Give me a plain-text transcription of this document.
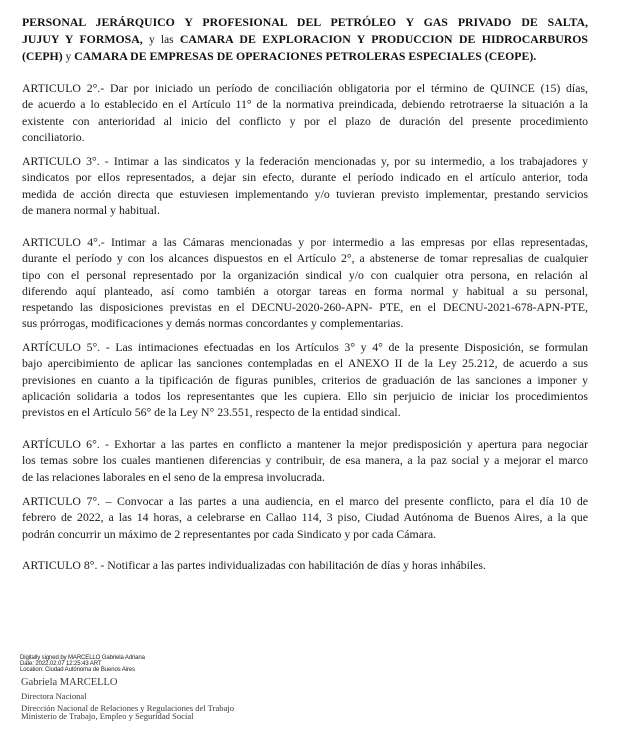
PERSONAL JERÁRQUICO Y PROFESIONAL DEL PETRÓLEO Y GAS PRIVADO DE SALTA,
JUJUY Y FORMOSA, y las CAMARA DE EXPLORACION Y PRODUCCION DE HIDROCARBUROS
(CEPH) y CAMARA DE EMPRESAS DE OPERACIONES PETROLERAS ESPECIALES (CEOPE).
ARTICULO 2°.- Dar por iniciado un período de conciliación obligatoria por el término de QUINCE (15) días,
de acuerdo a lo establecido en el Artículo 11° de la normativa preindicada, debiendo retrotraerse la situación a la
existente con anterioridad al inicio del conflicto y por el plazo de duración del presente procedimiento
conciliatorio.
ARTICULO 3°. - Intimar a las sindicatos y la federación mencionadas y, por su intermedio, a los trabajadores y
sindicatos por ellos representados, a dejar sin efecto, durante el período indicado en el artículo anterior, toda
medida de acción directa que estuviesen implementando y/o tuvieran previsto implementar, prestando servicios
de manera normal y habitual.
ARTICULO 4°.- Intimar a las Cámaras mencionadas y por intermedio a las empresas por ellas representadas,
durante el período y con los alcances dispuestos en el Artículo 2°, a abstenerse de tomar represalias de cualquier
tipo con el personal representado por la organización sindical y/o con cualquier otra persona, en relación al
diferendo aquí planteado, así como también a otorgar tareas en forma normal y habitual a su personal,
respetando las disposiciones previstas en el DECNU-2020-260-APN- PTE, en el DECNU-2021-678-APN-PTE,
sus prórrogas, modificaciones y demás normas concordantes y complementarias.
ARTÍCULO 5°. - Las intimaciones efectuadas en los Artículos 3° y 4° de la presente Disposición, se formulan
bajo apercibimiento de aplicar las sanciones contempladas en el ANEXO II de la Ley 25.212, de acuerdo a sus
previsiones en cuanto a la tipificación de figuras punibles, criterios de graduación de las sanciones a imponer y
aplicación solidaria a todos los representantes que les cupiera. Ello sin perjuicio de iniciar los procedimientos
previstos en el Artículo 56° de la Ley N° 23.551, respecto de la entidad sindical.
ARTÍCULO 6°. - Exhortar a las partes en conflicto a mantener la mejor predisposición y apertura para negociar
los temas sobre los cuales mantienen diferencias y contribuir, de esa manera, a la paz social y a mejorar el marco
de las relaciones laborales en el seno de la empresa involucrada.
ARTICULO 7°. – Convocar a las partes a una audiencia, en el marco del presente conflicto, para el día 10 de
febrero de 2022, a las 14 horas, a celebrarse en Callao 114, 3 piso, Ciudad Autónoma de Buenos Aires, a la que
podrán concurrir un máximo de 2 representantes por cada Sindicato y por cada Cámara.
ARTICULO 8°. - Notificar a las partes individualizadas con habilitación de días y horas inhábiles.
Digitally signed by MARCELLO Gabriela Adriana
Date: 2022.02.07 12:25:43 ART
Location: Ciudad Autónoma de Buenos Aires
Gabriela MARCELLO
Directora Nacional
Dirección Nacional de Relaciones y Regulaciones del Trabajo
Ministerio de Trabajo, Empleo y Seguridad Social
